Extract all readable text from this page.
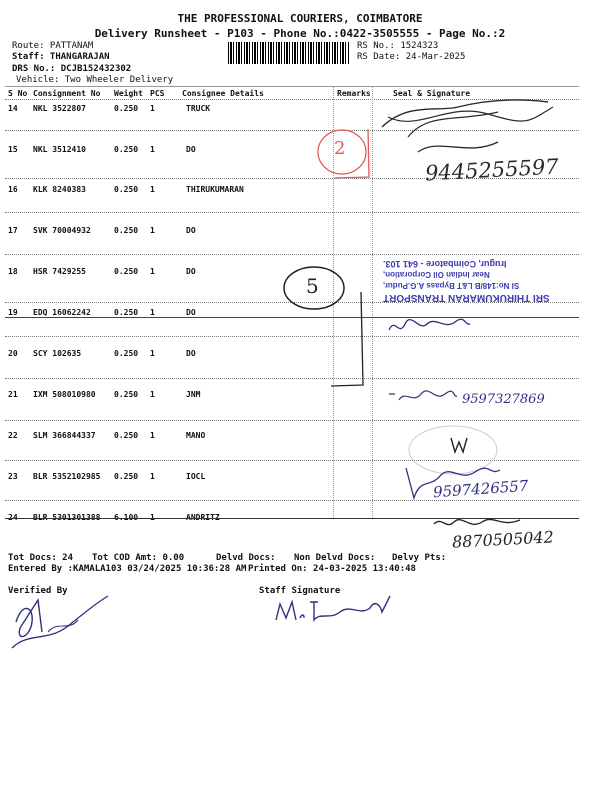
THE PROFESSIONAL COURIERS, COIMBATORE
Delivery Runsheet - P103 - Phone No.:0422-3505555 - Page No.:2
Route: PATTANAM
Staff: THANGARAJAN
DRS No.: DCJB152432302
Vehicle: Two Wheeler Delivery
RS No.: 1524323
RS Date: 24-Mar-2025
S No Consignment No Weight PCS Consignee Details	Remarks	Seal & Signature
14 NKL 3522807	0.250 1	TRUCK
15 NKL 3512410	0.250 1	DO
16 KLK 8240383	0.250 1	THIRUKUMARAN
17 SVK 70004932	0.250 1	DO
18 HSR 7429255	0.250 1	DO
19 EDQ 16062242	0.250 1	DO
20 SCY 102635	0.250 1	DO
21 IXM 508010980 0.250 1	JNM
22 SLM 366844337 0.250 1	MANO
23 BLR 5352102985 0.250 1	IOCL
24 BLR 5301301388 6.100 1	ANDRITZ
Tot Docs: 24 Tot COD Amt: 0.00	Delvd Docs: Non Delvd Docs: Delvy Pts:
Entered By :KAMALA103 03/24/2025 10:36:28 AM Printed On: 24-03-2025 13:40:48
Verified By	Staff Signature
2
5
9445255597
Irugur, Coimbatore - 641 103.
Near Indian Oil Corporation,
SI No:148/B L&T Bypass A.G.Pudur,
SRI THIRUKUMARAN TRANSPORT
9597327869
9597426557
8870505042
